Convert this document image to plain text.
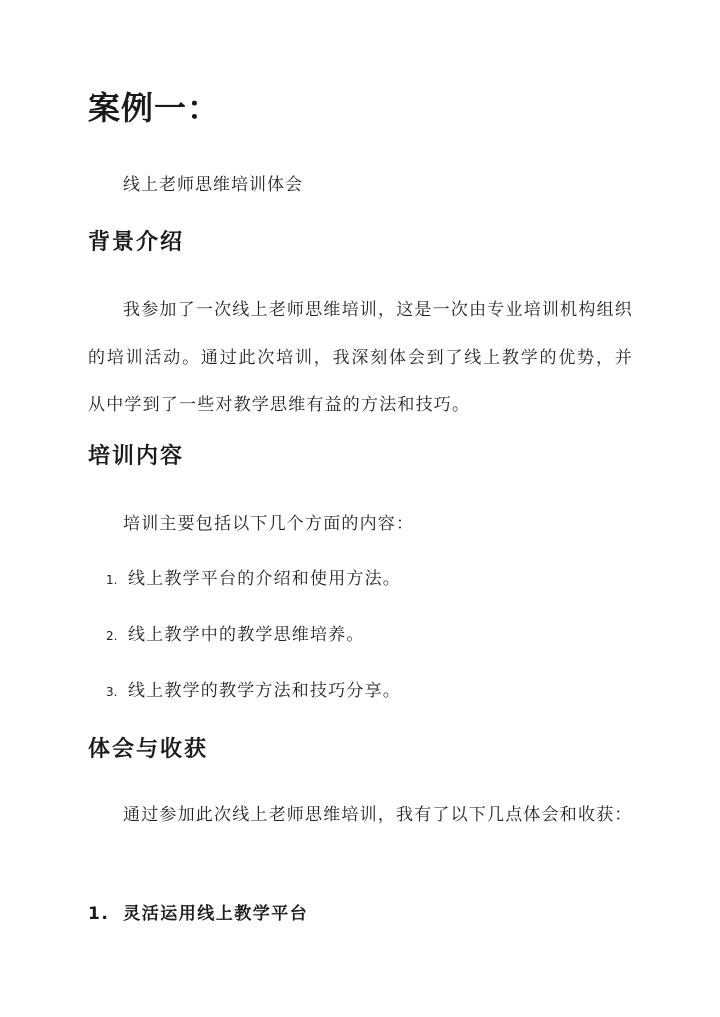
案例一：
线上老师思维培训体会
背景介绍

我参加了一次线上老师思维培训，这是一次由专业培训机构组织的培训活动。通过此次培训，我深刻体会到了线上教学的优势，并从中学到了一些对教学思维有益的方法和技巧。

培训内容
培训主要包括以下几个方面的内容：
1. 线上教学平台的介绍和使用方法。
2. 线上教学中的教学思维培养。
3. 线上教学的教学方法和技巧分享。
体会与收获

通过参加此次线上老师思维培训，我有了以下几点体会和收获：

1. 灵活运用线上教学平台
